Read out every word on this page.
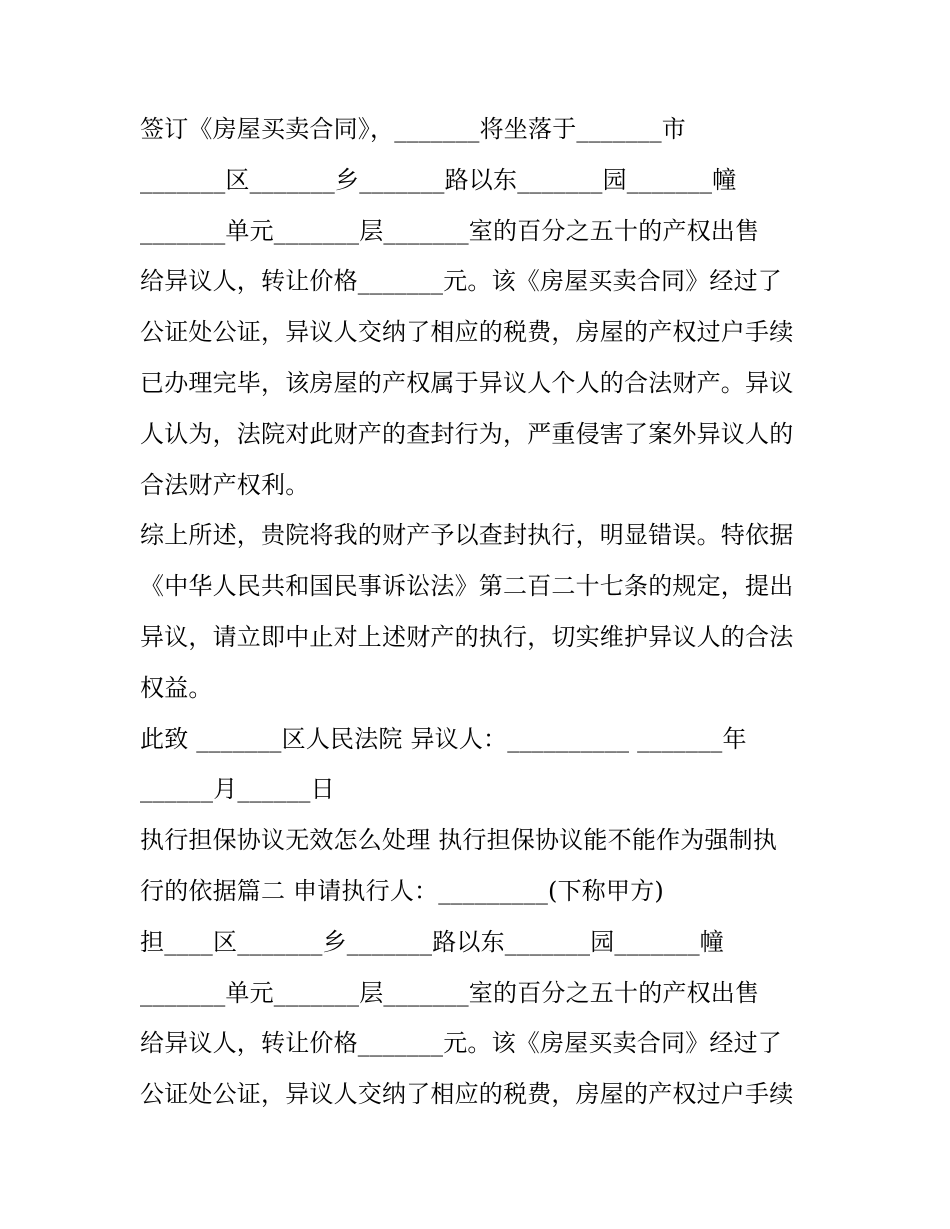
签订《房屋买卖合同》，_______将坐落于_______市
_______区_______乡_______路以东_______园_______幢
_______单元_______层_______室的百分之五十的产权出售
给异议人，转让价格_______元。该《房屋买卖合同》经过了
公证处公证，异议人交纳了相应的税费，房屋的产权过户手续
已办理完毕，该房屋的产权属于异议人个人的合法财产。异议
人认为，法院对此财产的查封行为，严重侵害了案外异议人的
合法财产权利。
综上所述，贵院将我的财产予以查封执行，明显错误。特依据
《中华人民共和国民事诉讼法》第二百二十七条的规定，提出
异议，请立即中止对上述财产的执行，切实维护异议人的合法
权益。
此致 _______区人民法院 异议人：__________ _______年
______月______日
执行担保协议无效怎么处理 执行担保协议能不能作为强制执
行的依据篇二 申请执行人：_________(下称甲方)
担____区_______乡_______路以东_______园_______幢
_______单元_______层_______室的百分之五十的产权出售
给异议人，转让价格_______元。该《房屋买卖合同》经过了
公证处公证，异议人交纳了相应的税费，房屋的产权过户手续
